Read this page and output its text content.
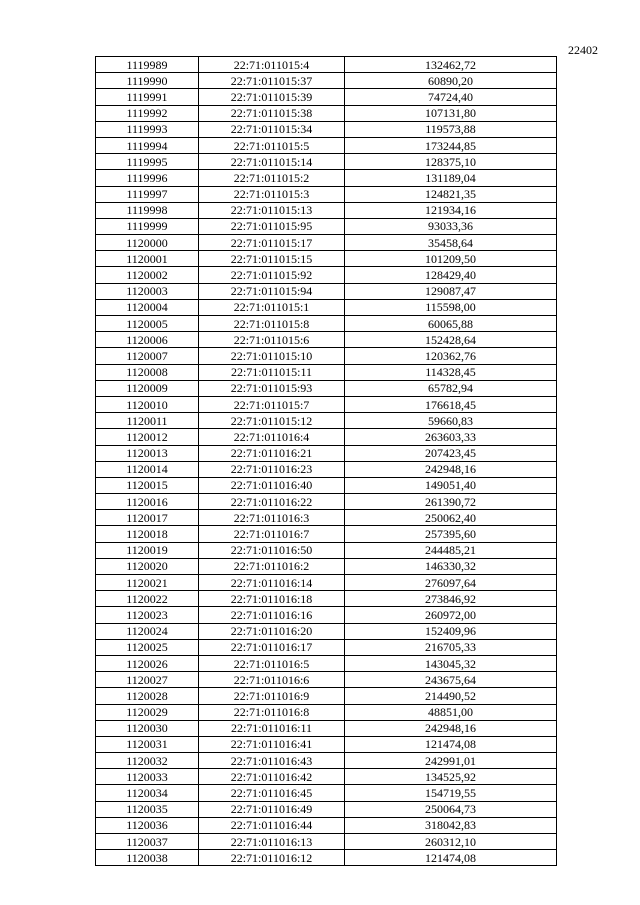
22402
1119989	22:71:011015:4	132462,72
1119990	22:71:011015:37	60890,20
1119991	22:71:011015:39	74724,40
1119992	22:71:011015:38	107131,80
1119993	22:71:011015:34	119573,88
1119994	22:71:011015:5	173244,85
1119995	22:71:011015:14	128375,10
1119996	22:71:011015:2	131189,04
1119997	22:71:011015:3	124821,35
1119998	22:71:011015:13	121934,16
1119999	22:71:011015:95	93033,36
1120000	22:71:011015:17	35458,64
1120001	22:71:011015:15	101209,50
1120002	22:71:011015:92	128429,40
1120003	22:71:011015:94	129087,47
1120004	22:71:011015:1	115598,00
1120005	22:71:011015:8	60065,88
1120006	22:71:011015:6	152428,64
1120007	22:71:011015:10	120362,76
1120008	22:71:011015:11	114328,45
1120009	22:71:011015:93	65782,94
1120010	22:71:011015:7	176618,45
1120011	22:71:011015:12	59660,83
1120012	22:71:011016:4	263603,33
1120013	22:71:011016:21	207423,45
1120014	22:71:011016:23	242948,16
1120015	22:71:011016:40	149051,40
1120016	22:71:011016:22	261390,72
1120017	22:71:011016:3	250062,40
1120018	22:71:011016:7	257395,60
1120019	22:71:011016:50	244485,21
1120020	22:71:011016:2	146330,32
1120021	22:71:011016:14	276097,64
1120022	22:71:011016:18	273846,92
1120023	22:71:011016:16	260972,00
1120024	22:71:011016:20	152409,96
1120025	22:71:011016:17	216705,33
1120026	22:71:011016:5	143045,32
1120027	22:71:011016:6	243675,64
1120028	22:71:011016:9	214490,52
1120029	22:71:011016:8	48851,00
1120030	22:71:011016:11	242948,16
1120031	22:71:011016:41	121474,08
1120032	22:71:011016:43	242991,01
1120033	22:71:011016:42	134525,92
1120034	22:71:011016:45	154719,55
1120035	22:71:011016:49	250064,73
1120036	22:71:011016:44	318042,83
1120037	22:71:011016:13	260312,10
1120038	22:71:011016:12	121474,08
